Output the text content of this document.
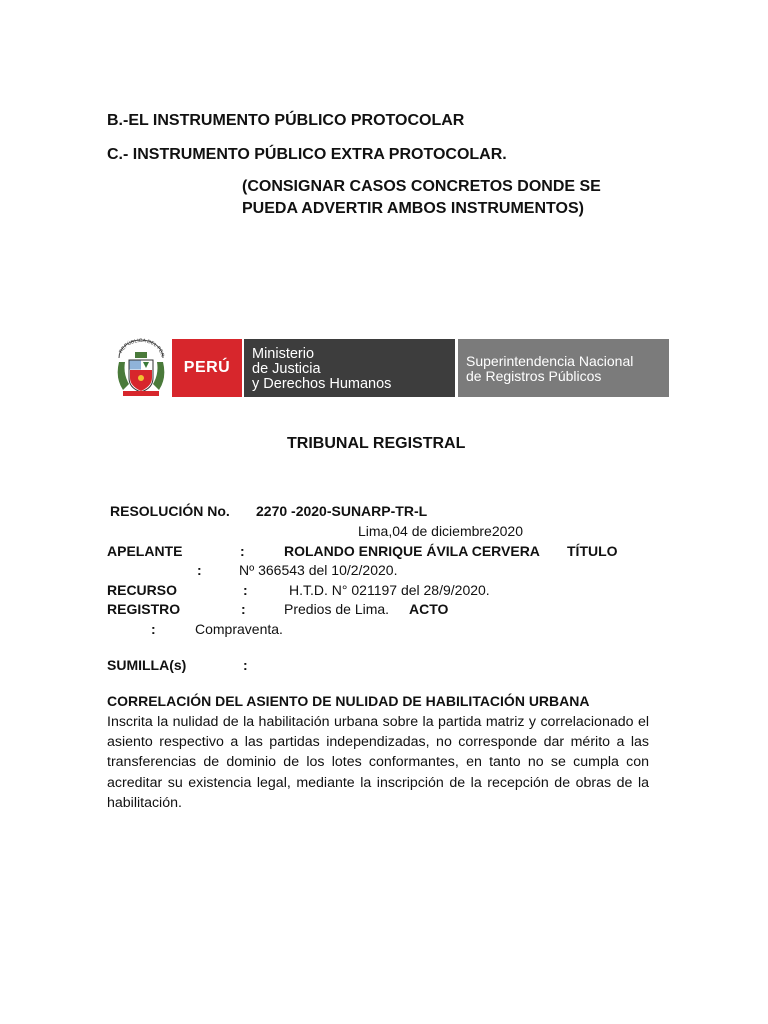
B.-EL INSTRUMENTO PÚBLICO PROTOCOLAR
C.- INSTRUMENTO PÚBLICO EXTRA PROTOCOLAR.
(CONSIGNAR CASOS CONCRETOS DONDE SE
PUEDA ADVERTIR AMBOS INSTRUMENTOS)
REPÚBLICA DEL PER
PERÚ
Ministerio
de Justicia
y Derechos Humanos
Superintendencia Nacional
de Registros Públicos
TRIBUNAL REGISTRAL
RESOLUCIÓN No. 2270 -2020-SUNARP-TR-L
Lima,04 de diciembre2020
APELANTE	:	ROLANDO ENRIQUE ÁVILA CERVERA TÍTULO
:	Nº 366543 del 10/2/2020.
RECURSO	:	H.T.D. N° 021197 del 28/9/2020.
REGISTRO	:	Predios de Lima. ACTO
:	Compraventa.
SUMILLA(s)	:
CORRELACIÓN DEL ASIENTO DE NULIDAD DE HABILITACIÓN URBANA
Inscrita la nulidad de la habilitación urbana sobre la partida matriz y correlacionado el asiento respectivo a las partidas independizadas, no corresponde dar mérito a las transferencias de dominio de los lotes conformantes, en tanto no se cumpla con acreditar su existencia legal, mediante la inscripción de la recepción de obras de la habilitación.
